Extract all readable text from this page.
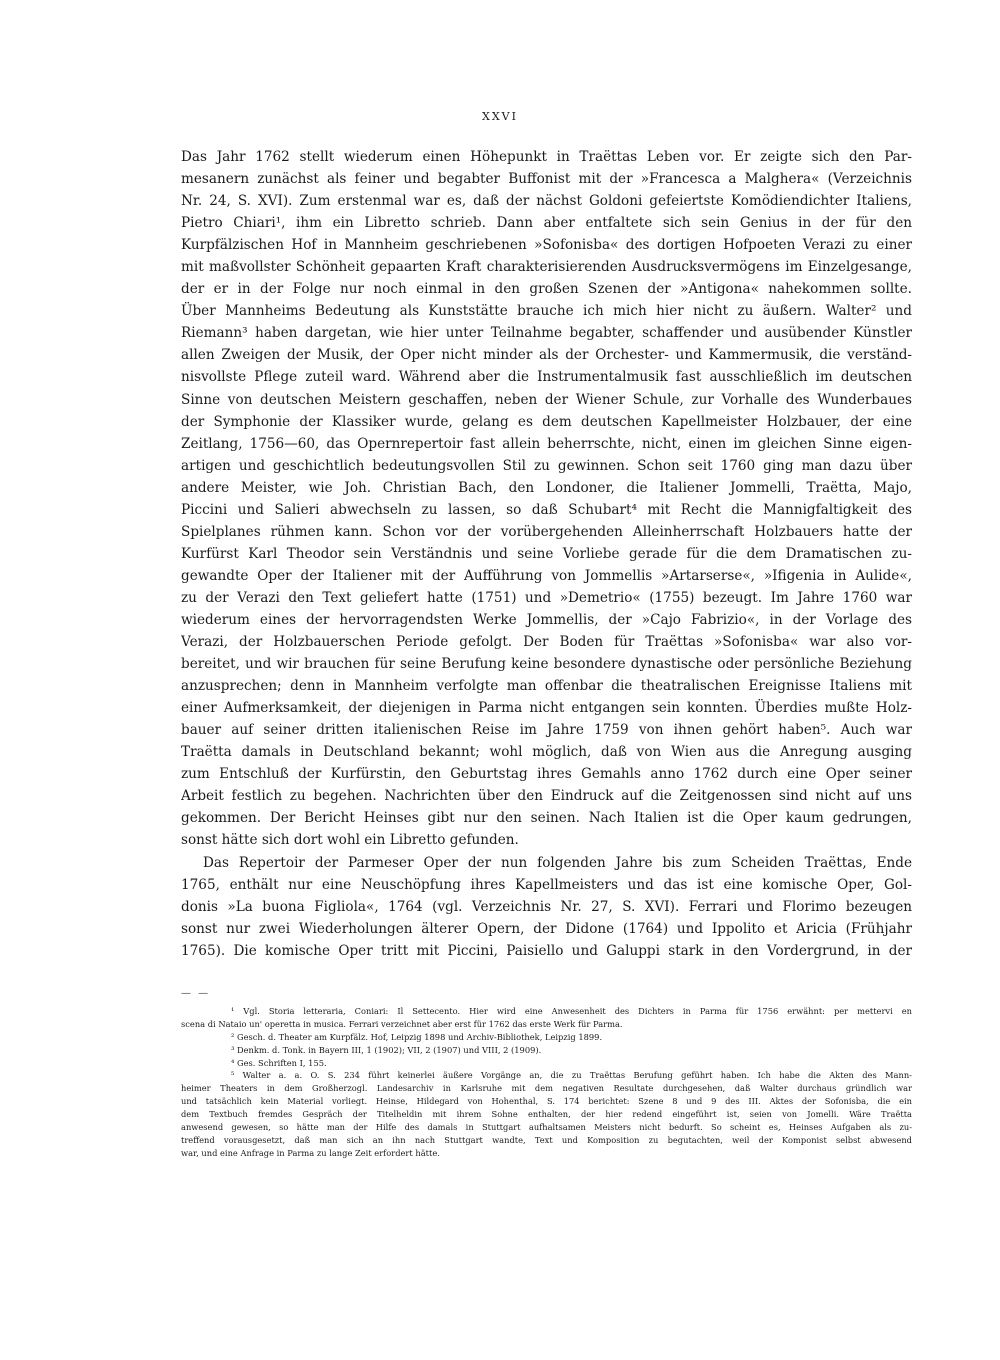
XXVI
Das Jahr 1762 stellt wiederum einen Höhepunkt in Traëttas Leben vor. Er zeigte sich den Par-
mesanern zunächst als feiner und begabter Buffonist mit der »Francesca a Malghera« (Verzeichnis
Nr. 24, S. XVI). Zum erstenmal war es, daß der nächst Goldoni gefeiertste Komödiendichter Italiens,
Pietro Chiari¹, ihm ein Libretto schrieb. Dann aber entfaltete sich sein Genius in der für den
Kurpfälzischen Hof in Mannheim geschriebenen »Sofonisba« des dortigen Hofpoeten Verazi zu einer
mit maßvollster Schönheit gepaarten Kraft charakterisierenden Ausdrucksvermögens im Einzelgesange,
der er in der Folge nur noch einmal in den großen Szenen der »Antigona« nahekommen sollte.
Über Mannheims Bedeutung als Kunststätte brauche ich mich hier nicht zu äußern. Walter² und
Riemann³ haben dargetan, wie hier unter Teilnahme begabter, schaffender und ausübender Künstler
allen Zweigen der Musik, der Oper nicht minder als der Orchester- und Kammermusik, die verständ-
nisvollste Pflege zuteil ward. Während aber die Instrumentalmusik fast ausschließlich im deutschen
Sinne von deutschen Meistern geschaffen, neben der Wiener Schule, zur Vorhalle des Wunderbaues
der Symphonie der Klassiker wurde, gelang es dem deutschen Kapellmeister Holzbauer, der eine
Zeitlang, 1756—60, das Opernrepertoir fast allein beherrschte, nicht, einen im gleichen Sinne eigen-
artigen und geschichtlich bedeutungsvollen Stil zu gewinnen. Schon seit 1760 ging man dazu über
andere Meister, wie Joh. Christian Bach, den Londoner, die Italiener Jommelli, Traëtta, Majo,
Piccini und Salieri abwechseln zu lassen, so daß Schubart⁴ mit Recht die Mannigfaltigkeit des
Spielplanes rühmen kann. Schon vor der vorübergehenden Alleinherrschaft Holzbauers hatte der
Kurfürst Karl Theodor sein Verständnis und seine Vorliebe gerade für die dem Dramatischen zu-
gewandte Oper der Italiener mit der Aufführung von Jommellis »Artarserse«, »Ifigenia in Aulide«,
zu der Verazi den Text geliefert hatte (1751) und »Demetrio« (1755) bezeugt. Im Jahre 1760 war
wiederum eines der hervorragendsten Werke Jommellis, der »Cajo Fabrizio«, in der Vorlage des
Verazi, der Holzbauerschen Periode gefolgt. Der Boden für Traëttas »Sofonisba« war also vor-
bereitet, und wir brauchen für seine Berufung keine besondere dynastische oder persönliche Beziehung
anzusprechen; denn in Mannheim verfolgte man offenbar die theatralischen Ereignisse Italiens mit
einer Aufmerksamkeit, der diejenigen in Parma nicht entgangen sein konnten. Überdies mußte Holz-
bauer auf seiner dritten italienischen Reise im Jahre 1759 von ihnen gehört haben⁵. Auch war
Traëtta damals in Deutschland bekannt; wohl möglich, daß von Wien aus die Anregung ausging
zum Entschluß der Kurfürstin, den Geburtstag ihres Gemahls anno 1762 durch eine Oper seiner
Arbeit festlich zu begehen. Nachrichten über den Eindruck auf die Zeitgenossen sind nicht auf uns
gekommen. Der Bericht Heinses gibt nur den seinen. Nach Italien ist die Oper kaum gedrungen,
sonst hätte sich dort wohl ein Libretto gefunden.
Das Repertoir der Parmeser Oper der nun folgenden Jahre bis zum Scheiden Traëttas, Ende
1765, enthält nur eine Neuschöpfung ihres Kapellmeisters und das ist eine komische Oper, Gol-
donis »La buona Figliola«, 1764 (vgl. Verzeichnis Nr. 27, S. XVI). Ferrari und Florimo bezeugen
sonst nur zwei Wiederholungen älterer Opern, der Didone (1764) und Ippolito et Aricia (Frühjahr
1765). Die komische Oper tritt mit Piccini, Paisiello und Galuppi stark in den Vordergrund, in der
— —
¹ Vgl. Storia letteraria, Coniari: Il Settecento. Hier wird eine Anwesenheit des Dichters in Parma für 1756 erwähnt: per mettervi en
scena di Nataio un' operetta in musica. Ferrari verzeichnet aber erst für 1762 das erste Werk für Parma.
² Gesch. d. Theater am Kurpfälz. Hof, Leipzig 1898 und Archiv-Bibliothek, Leipzig 1899.
³ Denkm. d. Tonk. in Bayern III, 1 (1902); VII, 2 (1907) und VIII, 2 (1909).
⁴ Ges. Schriften I, 155.
⁵ Walter a. a. O. S. 234 führt keinerlei äußere Vorgänge an, die zu Traëttas Berufung geführt haben. Ich habe die Akten des Mann-
heimer Theaters in dem Großherzogl. Landesarchiv in Karlsruhe mit dem negativen Resultate durchgesehen, daß Walter durchaus gründlich war
und tatsächlich kein Material vorliegt. Heinse, Hildegard von Hohenthal, S. 174 berichtet: Szene 8 und 9 des III. Aktes der Sofonisba, die ein
dem Textbuch fremdes Gespräch der Titelheldin mit ihrem Sohne enthalten, der hier redend eingeführt ist, seien von Jomelli. Wäre Traëtta
anwesend gewesen, so hätte man der Hilfe des damals in Stuttgart aufhaltsamen Meisters nicht bedurft. So scheint es, Heinses Aufgaben als zu-
treffend vorausgesetzt, daß man sich an ihn nach Stuttgart wandte, Text und Komposition zu begutachten, weil der Komponist selbst abwesend
war, und eine Anfrage in Parma zu lange Zeit erfordert hätte.
